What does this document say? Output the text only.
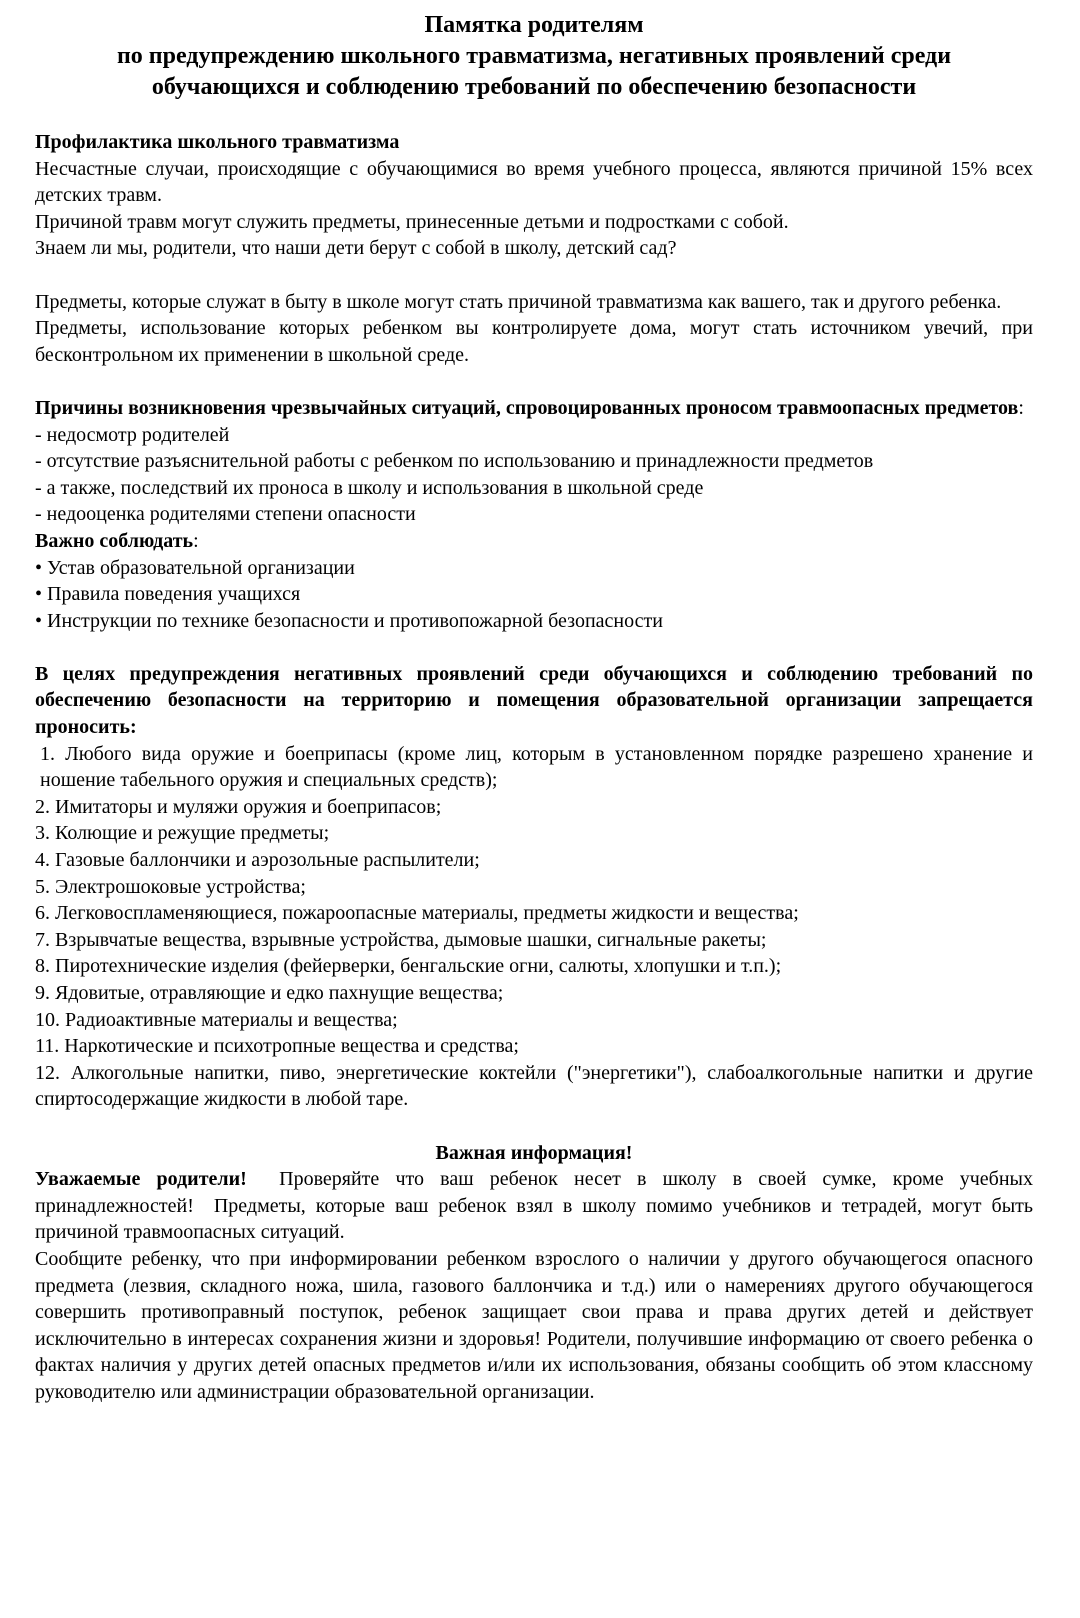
Памятка родителям
по предупреждению школьного травматизма, негативных проявлений среди
обучающихся и соблюдению требований по обеспечению безопасности

Профилактика школьного травматизма

Несчастные случаи, происходящие с обучающимися во время учебного процесса, являются причиной 15% всех детских травм.

Причиной травм могут служить предметы, принесенные детьми и подростками с собой.

Знаем ли мы, родители, что наши дети берут с собой в школу, детский сад?

Предметы, которые служат в быту в школе могут стать причиной травматизма как вашего, так и другого ребенка.

Предметы, использование которых ребенком вы контролируете дома, могут стать источником увечий, при бесконтрольном их применении в школьной среде.

Причины возникновения чрезвычайных ситуаций, спровоцированных проносом травмоопасных предметов:

- недосмотр родителей

- отсутствие разъяснительной работы с ребенком по использованию и принадлежности предметов

- а также, последствий их проноса в школу и использования в школьной среде

- недооценка родителями степени опасности

Важно соблюдать:

• Устав образовательной организации

• Правила поведения учащихся

• Инструкции по технике безопасности и противопожарной безопасности

В целях предупреждения негативных проявлений среди обучающихся и соблюдению требований по обеспечению безопасности на территорию и помещения образовательной организации запрещается проносить:

1. Любого вида оружие и боеприпасы (кроме лиц, которым в установленном порядке разрешено хранение и ношение табельного оружия и специальных средств);

2. Имитаторы и муляжи оружия и боеприпасов;

3. Колющие и режущие предметы;

4. Газовые баллончики и аэрозольные распылители;

5. Электрошоковые устройства;

6. Легковоспламеняющиеся, пожароопасные материалы, предметы жидкости и вещества;

7. Взрывчатые вещества, взрывные устройства, дымовые шашки, сигнальные ракеты;

8. Пиротехнические изделия (фейерверки, бенгальские огни, салюты, хлопушки и т.п.);

9. Ядовитые, отравляющие и едко пахнущие вещества;

10. Радиоактивные материалы и вещества;

11. Наркотические и психотропные вещества и средства;

12. Алкогольные напитки, пиво, энергетические коктейли ("энергетики"), слабоалкогольные напитки и другие спиртосодержащие жидкости в любой таре.

Важная информация!

Уважаемые родители!  Проверяйте что ваш ребенок несет в школу в своей сумке, кроме учебных принадлежностей!  Предметы, которые ваш ребенок взял в школу помимо учебников и тетрадей, могут быть причиной травмоопасных ситуаций.

Сообщите ребенку, что при информировании ребенком взрослого о наличии у другого обучающегося опасного предмета (лезвия, складного ножа, шила, газового баллончика и т.д.) или о намерениях другого обучающегося совершить противоправный поступок, ребенок защищает свои права и права других детей и действует исключительно в интересах сохранения жизни и здоровья! Родители, получившие информацию от своего ребенка о фактах наличия у других детей опасных предметов и/или их использования, обязаны сообщить об этом классному руководителю или администрации образовательной организации.
